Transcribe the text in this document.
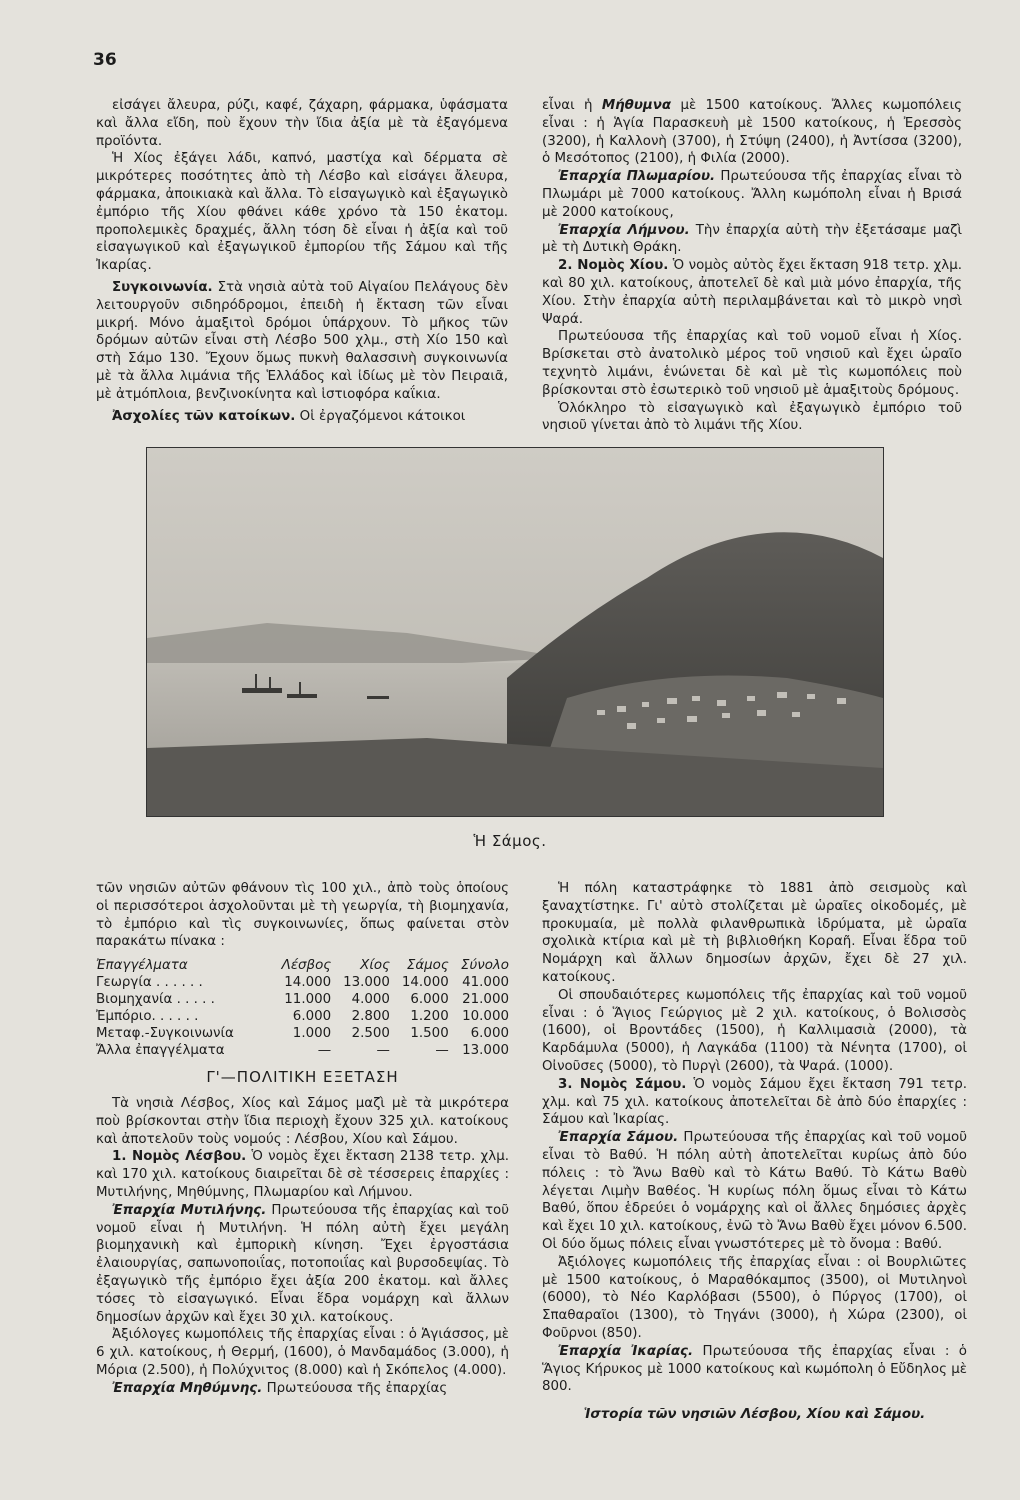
36

εἰσάγει ἄλευρα, ρύζι, καφέ, ζάχαρη, φάρμακα, ὑφάσματα καὶ ἄλλα εἴδη, ποὺ ἔχουν τὴν ἴδια ἀξία μὲ τὰ ἐξαγόμενα προϊόντα.

Ἡ Χίος ἐξάγει λάδι, καπνό, μαστίχα καὶ δέρματα σὲ μικρότερες ποσότητες ἀπὸ τὴ Λέσβο καὶ εἰσάγει ἄλευρα, φάρμακα, ἀποικιακὰ καὶ ἄλλα. Τὸ εἰσαγωγικὸ καὶ ἐξαγωγικὸ ἐμπόριο τῆς Χίου φθάνει κάθε χρόνο τὰ 150 ἑκατομ. προπολεμικὲς δραχμές, ἄλλη τόση δὲ εἶναι ἡ ἀξία καὶ τοῦ εἰσαγωγικοῦ καὶ ἐξαγωγικοῦ ἐμπορίου τῆς Σάμου καὶ τῆς Ἰκαρίας.

Συγκοινωνία. Στὰ νησιὰ αὐτὰ τοῦ Αἰγαίου Πελάγους δὲν λειτουργοῦν σιδηρόδρομοι, ἐπειδὴ ἡ ἔκταση τῶν εἶναι μικρή. Μόνο ἁμαξιτοὶ δρόμοι ὑπάρχουν. Τὸ μῆκος τῶν δρόμων αὐτῶν εἶναι στὴ Λέσβο 500 χλμ., στὴ Χίο 150 καὶ στὴ Σάμο 130. Ἔχουν ὅμως πυκνὴ θαλασσινὴ συγκοινωνία μὲ τὰ ἄλλα λιμάνια τῆς Ἑλλάδος καὶ ἰδίως μὲ τὸν Πειραιᾶ, μὲ ἀτμόπλοια, βενζινοκίνητα καὶ ἱστιοφόρα καΐκια.

Ἀσχολίες τῶν κατοίκων. Οἱ ἐργαζόμενοι κάτοικοι

εἶναι ἡ Μήθυμνα μὲ 1500 κατοίκους. Ἄλλες κωμοπόλεις εἶναι : ἡ Ἁγία Παρασκευὴ μὲ 1500 κατοίκους, ἡ Ἐρεσσὸς (3200), ἡ Καλλονὴ (3700), ἡ Στύψη (2400), ἡ Ἀντίσσα (3200), ὁ Μεσότοπος (2100), ἡ Φιλία (2000).

Ἐπαρχία Πλωμαρίου. Πρωτεύουσα τῆς ἐπαρχίας εἶναι τὸ Πλωμάρι μὲ 7000 κατοίκους. Ἄλλη κωμόπολη εἶναι ἡ Βρισά μὲ 2000 κατοίκους,

Ἐπαρχία Λήμνου. Τὴν ἐπαρχία αὐτὴ τὴν ἐξετάσαμε μαζὶ μὲ τὴ Δυτικὴ Θράκη.

2. Νομὸς Χίου. Ὁ νομὸς αὐτὸς ἔχει ἔκταση 918 τετρ. χλμ. καὶ 80 χιλ. κατοίκους, ἀποτελεῖ δὲ καὶ μιὰ μόνο ἐπαρχία, τῆς Χίου. Στὴν ἐπαρχία αὐτὴ περιλαμβάνεται καὶ τὸ μικρὸ νησὶ Ψαρά.

Πρωτεύουσα τῆς ἐπαρχίας καὶ τοῦ νομοῦ εἶναι ἡ Χίος. Βρίσκεται στὸ ἀνατολικὸ μέρος τοῦ νησιοῦ καὶ ἔχει ὡραῖο τεχνητὸ λιμάνι, ἑνώνεται δὲ καὶ μὲ τὶς κωμοπόλεις ποὺ βρίσκονται στὸ ἐσωτερικὸ τοῦ νησιοῦ μὲ ἁμαξιτοὺς δρόμους.

Ὁλόκληρο τὸ εἰσαγωγικὸ καὶ ἐξαγωγικὸ ἐμπόριο τοῦ νησιοῦ γίνεται ἀπὸ τὸ λιμάνι τῆς Χίου.

Ἡ Σάμος.

τῶν νησιῶν αὐτῶν φθάνουν τὶς 100 χιλ., ἀπὸ τοὺς ὁποίους οἱ περισσότεροι ἀσχολοῦνται μὲ τὴ γεωργία, τὴ βιομηχανία, τὸ ἐμπόριο καὶ τὶς συγκοινωνίες, ὅπως φαίνεται στὸν παρακάτω πίνακα :

Ἐπαγγέλματα	Λέσβος	Χίος	Σάμος	Σύνολο
Γεωργία . . . . . .	14.000	13.000	14.000	41.000
Βιομηχανία . . . . .	11.000	4.000	6.000	21.000
Ἐμπόριο. . . . . .	6.000	2.800	1.200	10.000
Μεταφ.-Συγκοινωνία	1.000	2.500	1.500	6.000
Ἄλλα ἐπαγγέλματα	—	—	—	13.000
Γ'—ΠΟΛΙΤΙΚΗ ΕΞΕΤΑΣΗ

Τὰ νησιὰ Λέσβος, Χίος καὶ Σάμος μαζὶ μὲ τὰ μικρότερα ποὺ βρίσκονται στὴν ἴδια περιοχὴ ἔχουν 325 χιλ. κατοίκους καὶ ἀποτελοῦν τοὺς νομούς : Λέσβου, Χίου καὶ Σάμου.

1. Νομὸς Λέσβου. Ὁ νομὸς ἔχει ἔκταση 2138 τετρ. χλμ. καὶ 170 χιλ. κατοίκους διαιρεῖται δὲ σὲ τέσσερεις ἐπαρχίες : Μυτιλήνης, Μηθύμνης, Πλωμαρίου καὶ Λήμνου.

Ἐπαρχία Μυτιλήνης. Πρωτεύουσα τῆς ἐπαρχίας καὶ τοῦ νομοῦ εἶναι ἡ Μυτιλήνη. Ἡ πόλη αὐτὴ ἔχει μεγάλη βιομηχανικὴ καὶ ἐμπορικὴ κίνηση. Ἔχει ἐργοστάσια ἐλαιουργίας, σαπωνοποιΐας, ποτοποιΐας καὶ βυρσοδεψίας. Τὸ ἐξαγωγικὸ τῆς ἐμπόριο ἔχει ἀξία 200 ἑκατομ. καὶ ἄλλες τόσες τὸ εἰσαγωγικό. Εἶναι ἕδρα νομάρχη καὶ ἄλλων δημοσίων ἀρχῶν καὶ ἔχει 30 χιλ. κατοίκους.

Ἀξιόλογες κωμοπόλεις τῆς ἐπαρχίας εἶναι : ὁ Ἁγιάσσος, μὲ 6 χιλ. κατοίκους, ἡ Θερμή, (1600), ὁ Μανδαμάδος (3.000), ἡ Μόρια (2.500), ἡ Πολύχνιτος (8.000) καὶ ἡ Σκόπελος (4.000).

Ἐπαρχία Μηθύμνης. Πρωτεύουσα τῆς ἐπαρχίας

Ἡ πόλη καταστράφηκε τὸ 1881 ἀπὸ σεισμοὺς καὶ ξαναχτίστηκε. Γι' αὐτὸ στολίζεται μὲ ὡραῖες οἰκοδομές, μὲ προκυμαία, μὲ πολλὰ φιλανθρωπικὰ ἱδρύματα, μὲ ὡραῖα σχολικὰ κτίρια καὶ μὲ τὴ βιβλιοθήκη Κοραῆ. Εἶναι ἕδρα τοῦ Νομάρχη καὶ ἄλλων δημοσίων ἀρχῶν, ἔχει δὲ 27 χιλ. κατοίκους.

Οἱ σπουδαιότερες κωμοπόλεις τῆς ἐπαρχίας καὶ τοῦ νομοῦ εἶναι : ὁ Ἅγιος Γεώργιος μὲ 2 χιλ. κατοίκους, ὁ Βολισσὸς (1600), οἱ Βροντάδες (1500), ἡ Καλλιμασιὰ (2000), τὰ Καρδάμυλα (5000), ἡ Λαγκάδα (1100) τὰ Νένητα (1700), οἱ Οἰνοῦσες (5000), τὸ Πυργὶ (2600), τὰ Ψαρά. (1000).

3. Νομὸς Σάμου. Ὁ νομὸς Σάμου ἔχει ἔκταση 791 τετρ. χλμ. καὶ 75 χιλ. κατοίκους ἀποτελεῖται δὲ ἀπὸ δύο ἐπαρχίες : Σάμου καὶ Ἰκαρίας.

Ἐπαρχία Σάμου. Πρωτεύουσα τῆς ἐπαρχίας καὶ τοῦ νομοῦ εἶναι τὸ Βαθύ. Ἡ πόλη αὐτὴ ἀποτελεῖται κυρίως ἀπὸ δύο πόλεις : τὸ Ἄνω Βαθὺ καὶ τὸ Κάτω Βαθύ. Τὸ Κάτω Βαθὺ λέγεται Λιμὴν Βαθέος. Ἡ κυρίως πόλη ὅμως εἶναι τὸ Κάτω Βαθύ, ὅπου ἑδρεύει ὁ νομάρχης καὶ οἱ ἄλλες δημόσιες ἀρχὲς καὶ ἔχει 10 χιλ. κατοίκους, ἐνῶ τὸ Ἄνω Βαθὺ ἔχει μόνον 6.500. Οἱ δύο ὅμως πόλεις εἶναι γνωστότερες μὲ τὸ ὄνομα : Βαθύ.

Ἀξιόλογες κωμοπόλεις τῆς ἐπαρχίας εἶναι : οἱ Βουρλιῶτες μὲ 1500 κατοίκους, ὁ Μαραθόκαμπος (3500), οἱ Μυτιληνοὶ (6000), τὸ Νέο Καρλόβασι (5500), ὁ Πύργος (1700), οἱ Σπαθαραῖοι (1300), τὸ Τηγάνι (3000), ἡ Χώρα (2300), οἱ Φοῦρνοι (850).

Ἐπαρχία Ἰκαρίας. Πρωτεύουσα τῆς ἐπαρχίας εἶναι : ὁ Ἅγιος Κήρυκος μὲ 1000 κατοίκους καὶ κωμόπολη ὁ Εὔδηλος μὲ 800.

Ἱστορία τῶν νησιῶν Λέσβου, Χίου καὶ Σάμου.
